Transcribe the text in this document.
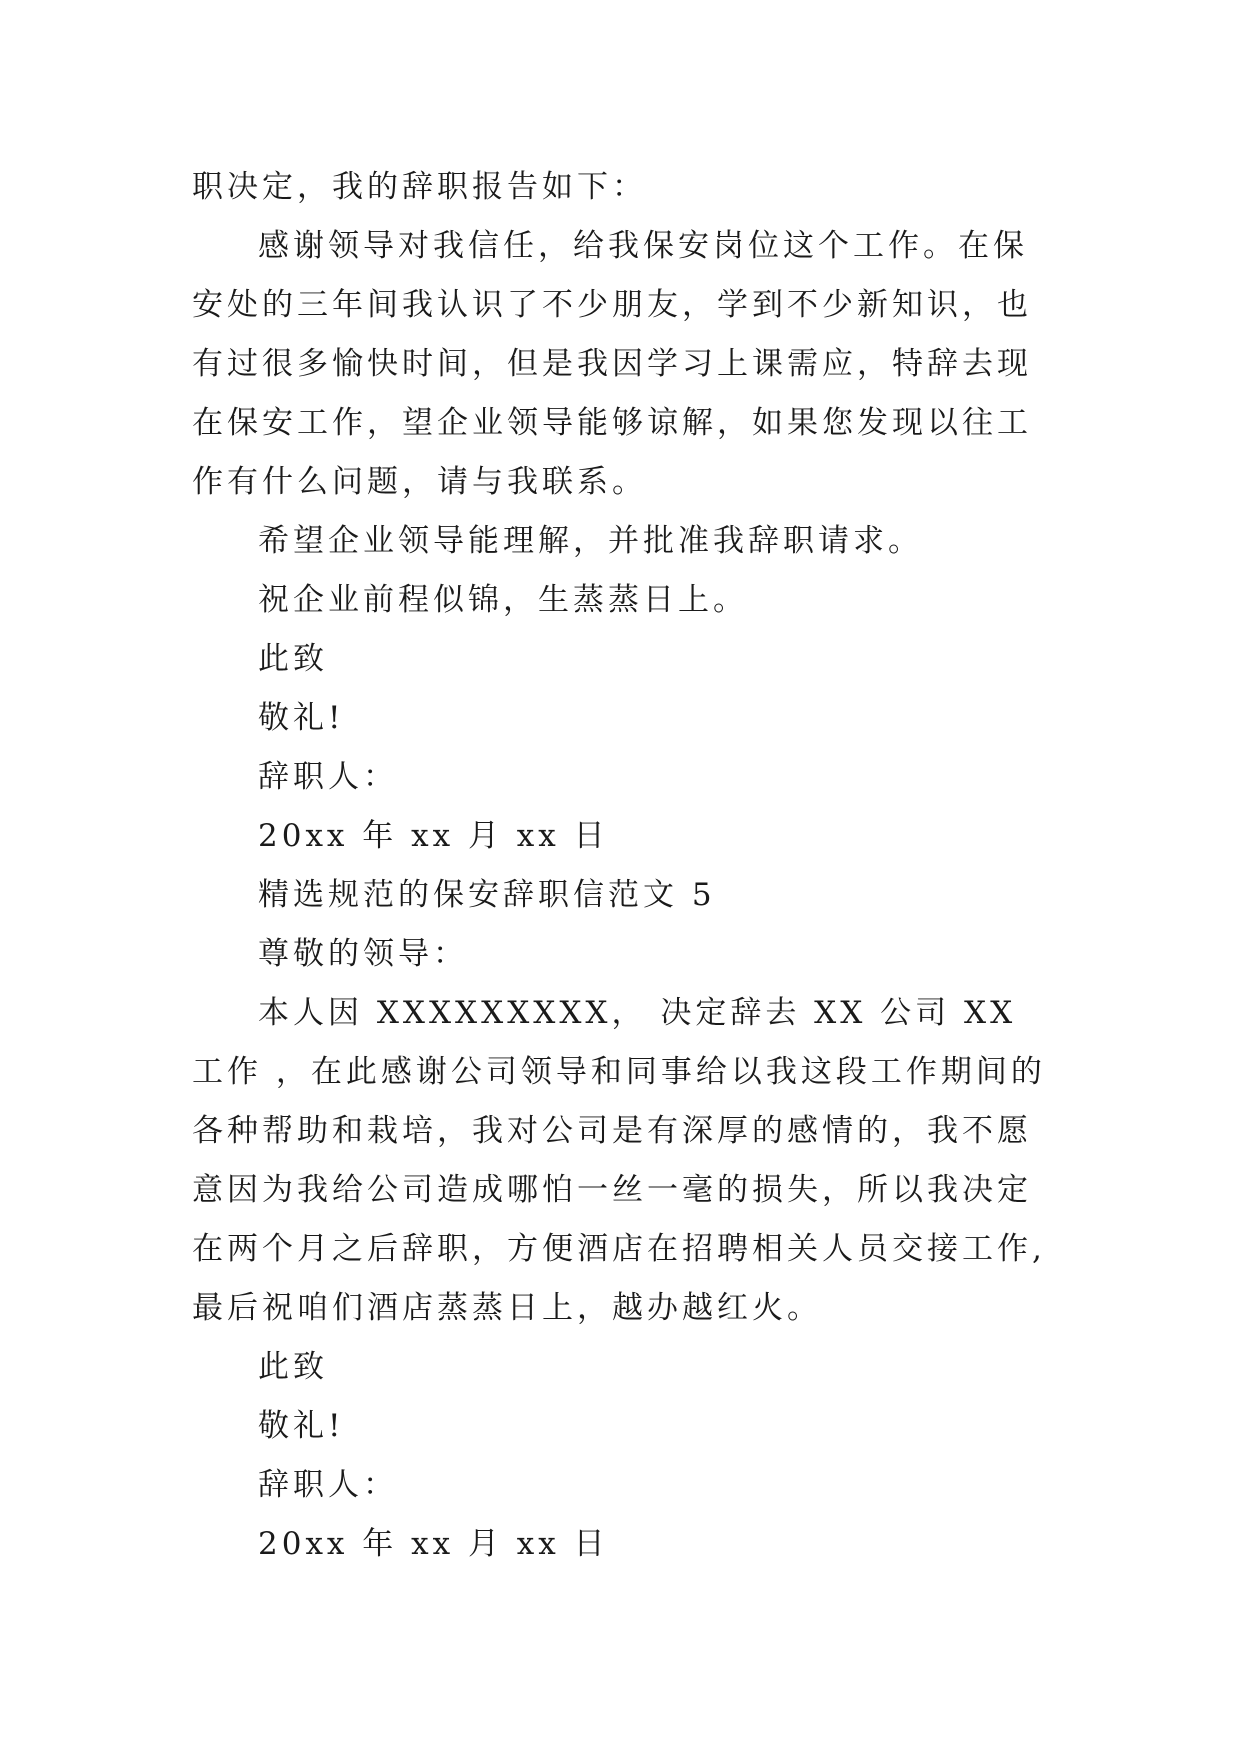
职决定，我的辞职报告如下：

感谢领导对我信任，给我保安岗位这个工作。在保安处的三年间我认识了不少朋友，学到不少新知识，也有过很多愉快时间，但是我因学习上课需应，特辞去现在保安工作，望企业领导能够谅解，如果您发现以往工作有什么问题，请与我联系。

希望企业领导能理解，并批准我辞职请求。

祝企业前程似锦，生蒸蒸日上。

此致

敬礼!

辞职人：

20xx 年 xx 月 xx 日

精选规范的保安辞职信范文 5

尊敬的领导：

本人因 XXXXXXXXX， 决定辞去 XX 公司 XX 工作 ，在此感谢公司领导和同事给以我这段工作期间的各种帮助和栽培，我对公司是有深厚的感情的，我不愿意因为我给公司造成哪怕一丝一毫的损失，所以我决定在两个月之后辞职，方便酒店在招聘相关人员交接工作,最后祝咱们酒店蒸蒸日上，越办越红火。

此致

敬礼!

辞职人：

20xx 年 xx 月 xx 日
